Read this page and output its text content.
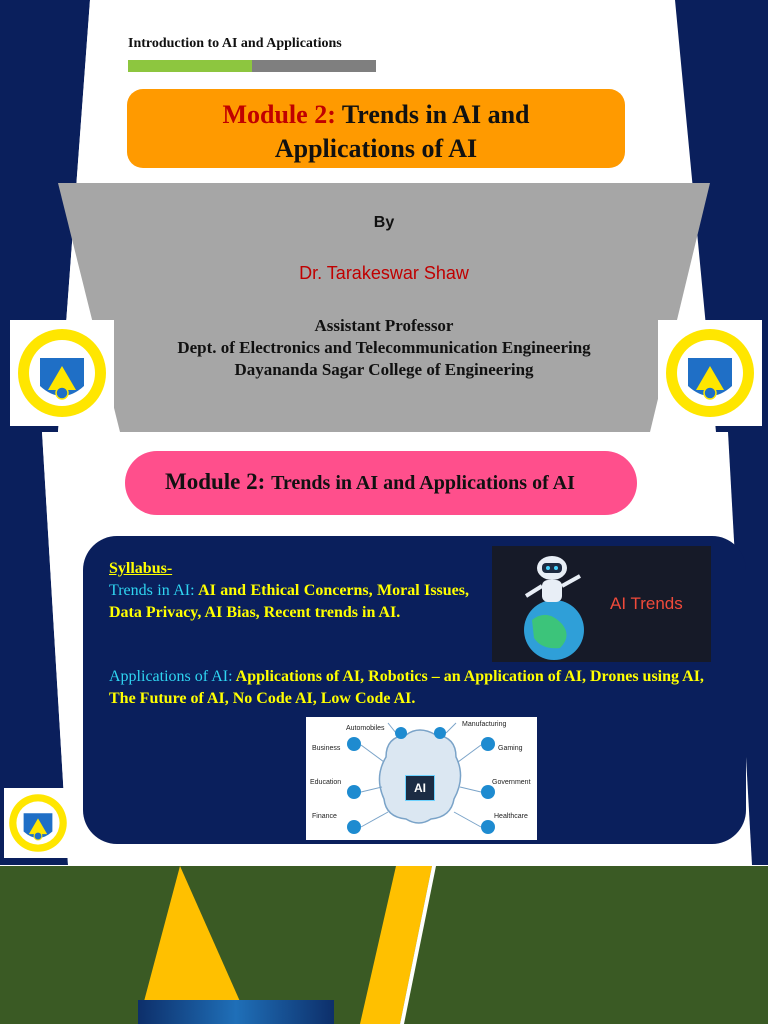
Introduction to AI and Applications
Module 2: Trends in AI and
Applications of AI
By
Dr. Tarakeswar Shaw
Assistant Professor
Dept. of Electronics and Telecommunication Engineering
Dayananda Sagar College of Engineering
Module 2: Trends in AI and Applications of AI
Syllabus-
Trends in AI: AI and Ethical Concerns, Moral Issues, Data Privacy, AI Bias, Recent trends in AI.
Applications of AI: Applications of AI, Robotics – an Application of AI, Drones using AI, The Future of AI, No Code AI, Low Code AI.
AI Trends
AI
Automobiles
Manufacturing
Business	Gaming
Education	Government
Finance	Healthcare
